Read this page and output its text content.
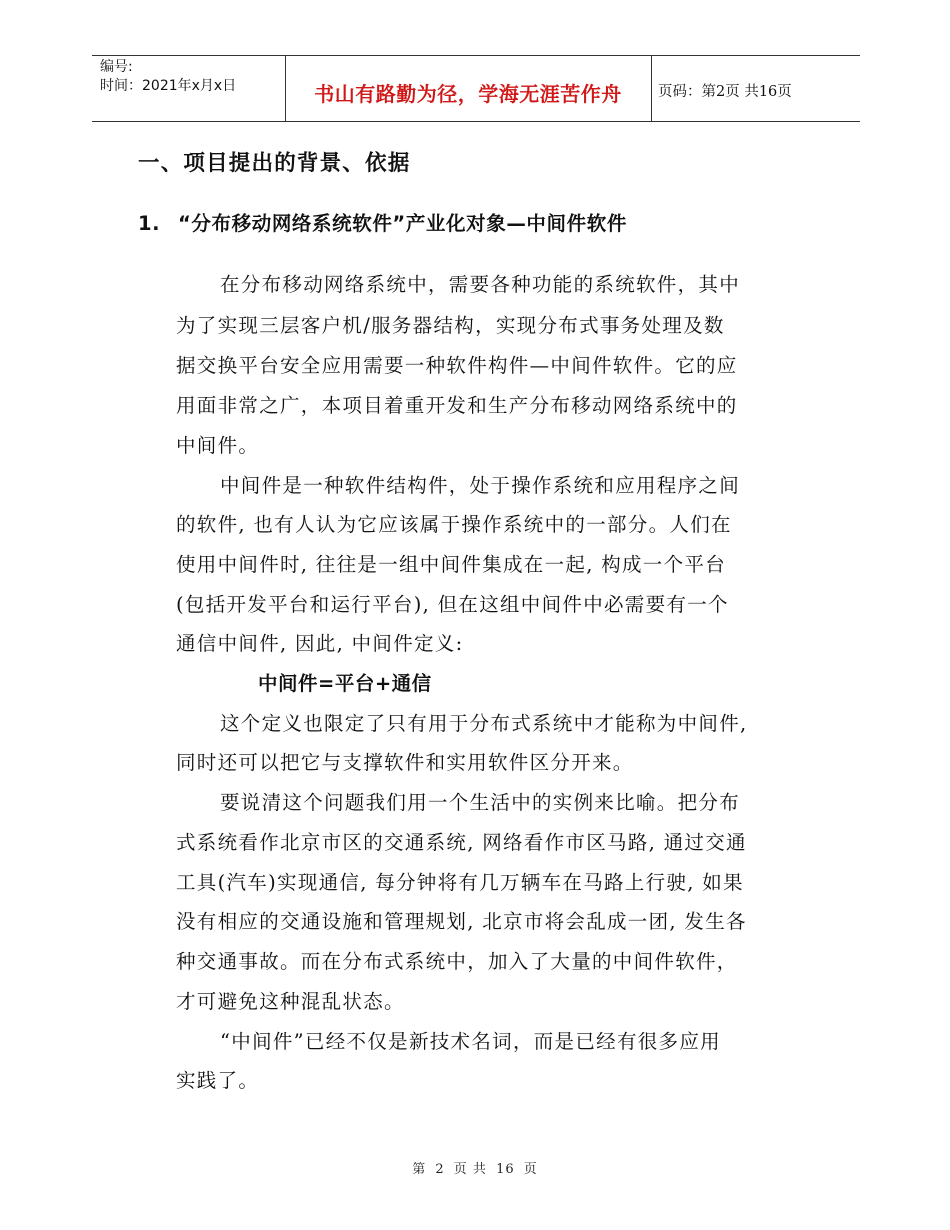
编号:
时间：2021年x月x日	书山有路勤为径，学海无涯苦作舟	页码：第2页 共16页
一、项目提出的背景、依据
1. “分布移动网络系统软件”产业化对象—中间件软件
在分布移动网络系统中，需要各种功能的系统软件，其中
为了实现三层客户机/服务器结构，实现分布式事务处理及数
据交换平台安全应用需要一种软件构件—中间件软件。它的应
用面非常之广，本项目着重开发和生产分布移动网络系统中的
中间件。
中间件是一种软件结构件，处于操作系统和应用程序之间
的软件, 也有人认为它应该属于操作系统中的一部分。人们在
使用中间件时, 往往是一组中间件集成在一起, 构成一个平台
(包括开发平台和运行平台), 但在这组中间件中必需要有一个
通信中间件, 因此, 中间件定义:
中间件=平台+通信
这个定义也限定了只有用于分布式系统中才能称为中间件,
同时还可以把它与支撑软件和实用软件区分开来。
要说清这个问题我们用一个生活中的实例来比喻。把分布
式系统看作北京市区的交通系统, 网络看作市区马路, 通过交通
工具(汽车)实现通信, 每分钟将有几万辆车在马路上行驶, 如果
没有相应的交通设施和管理规划, 北京市将会乱成一团, 发生各
种交通事故。而在分布式系统中，加入了大量的中间件软件，
才可避免这种混乱状态。
“中间件”已经不仅是新技术名词，而是已经有很多应用
实践了。
第 2 页 共 16 页
